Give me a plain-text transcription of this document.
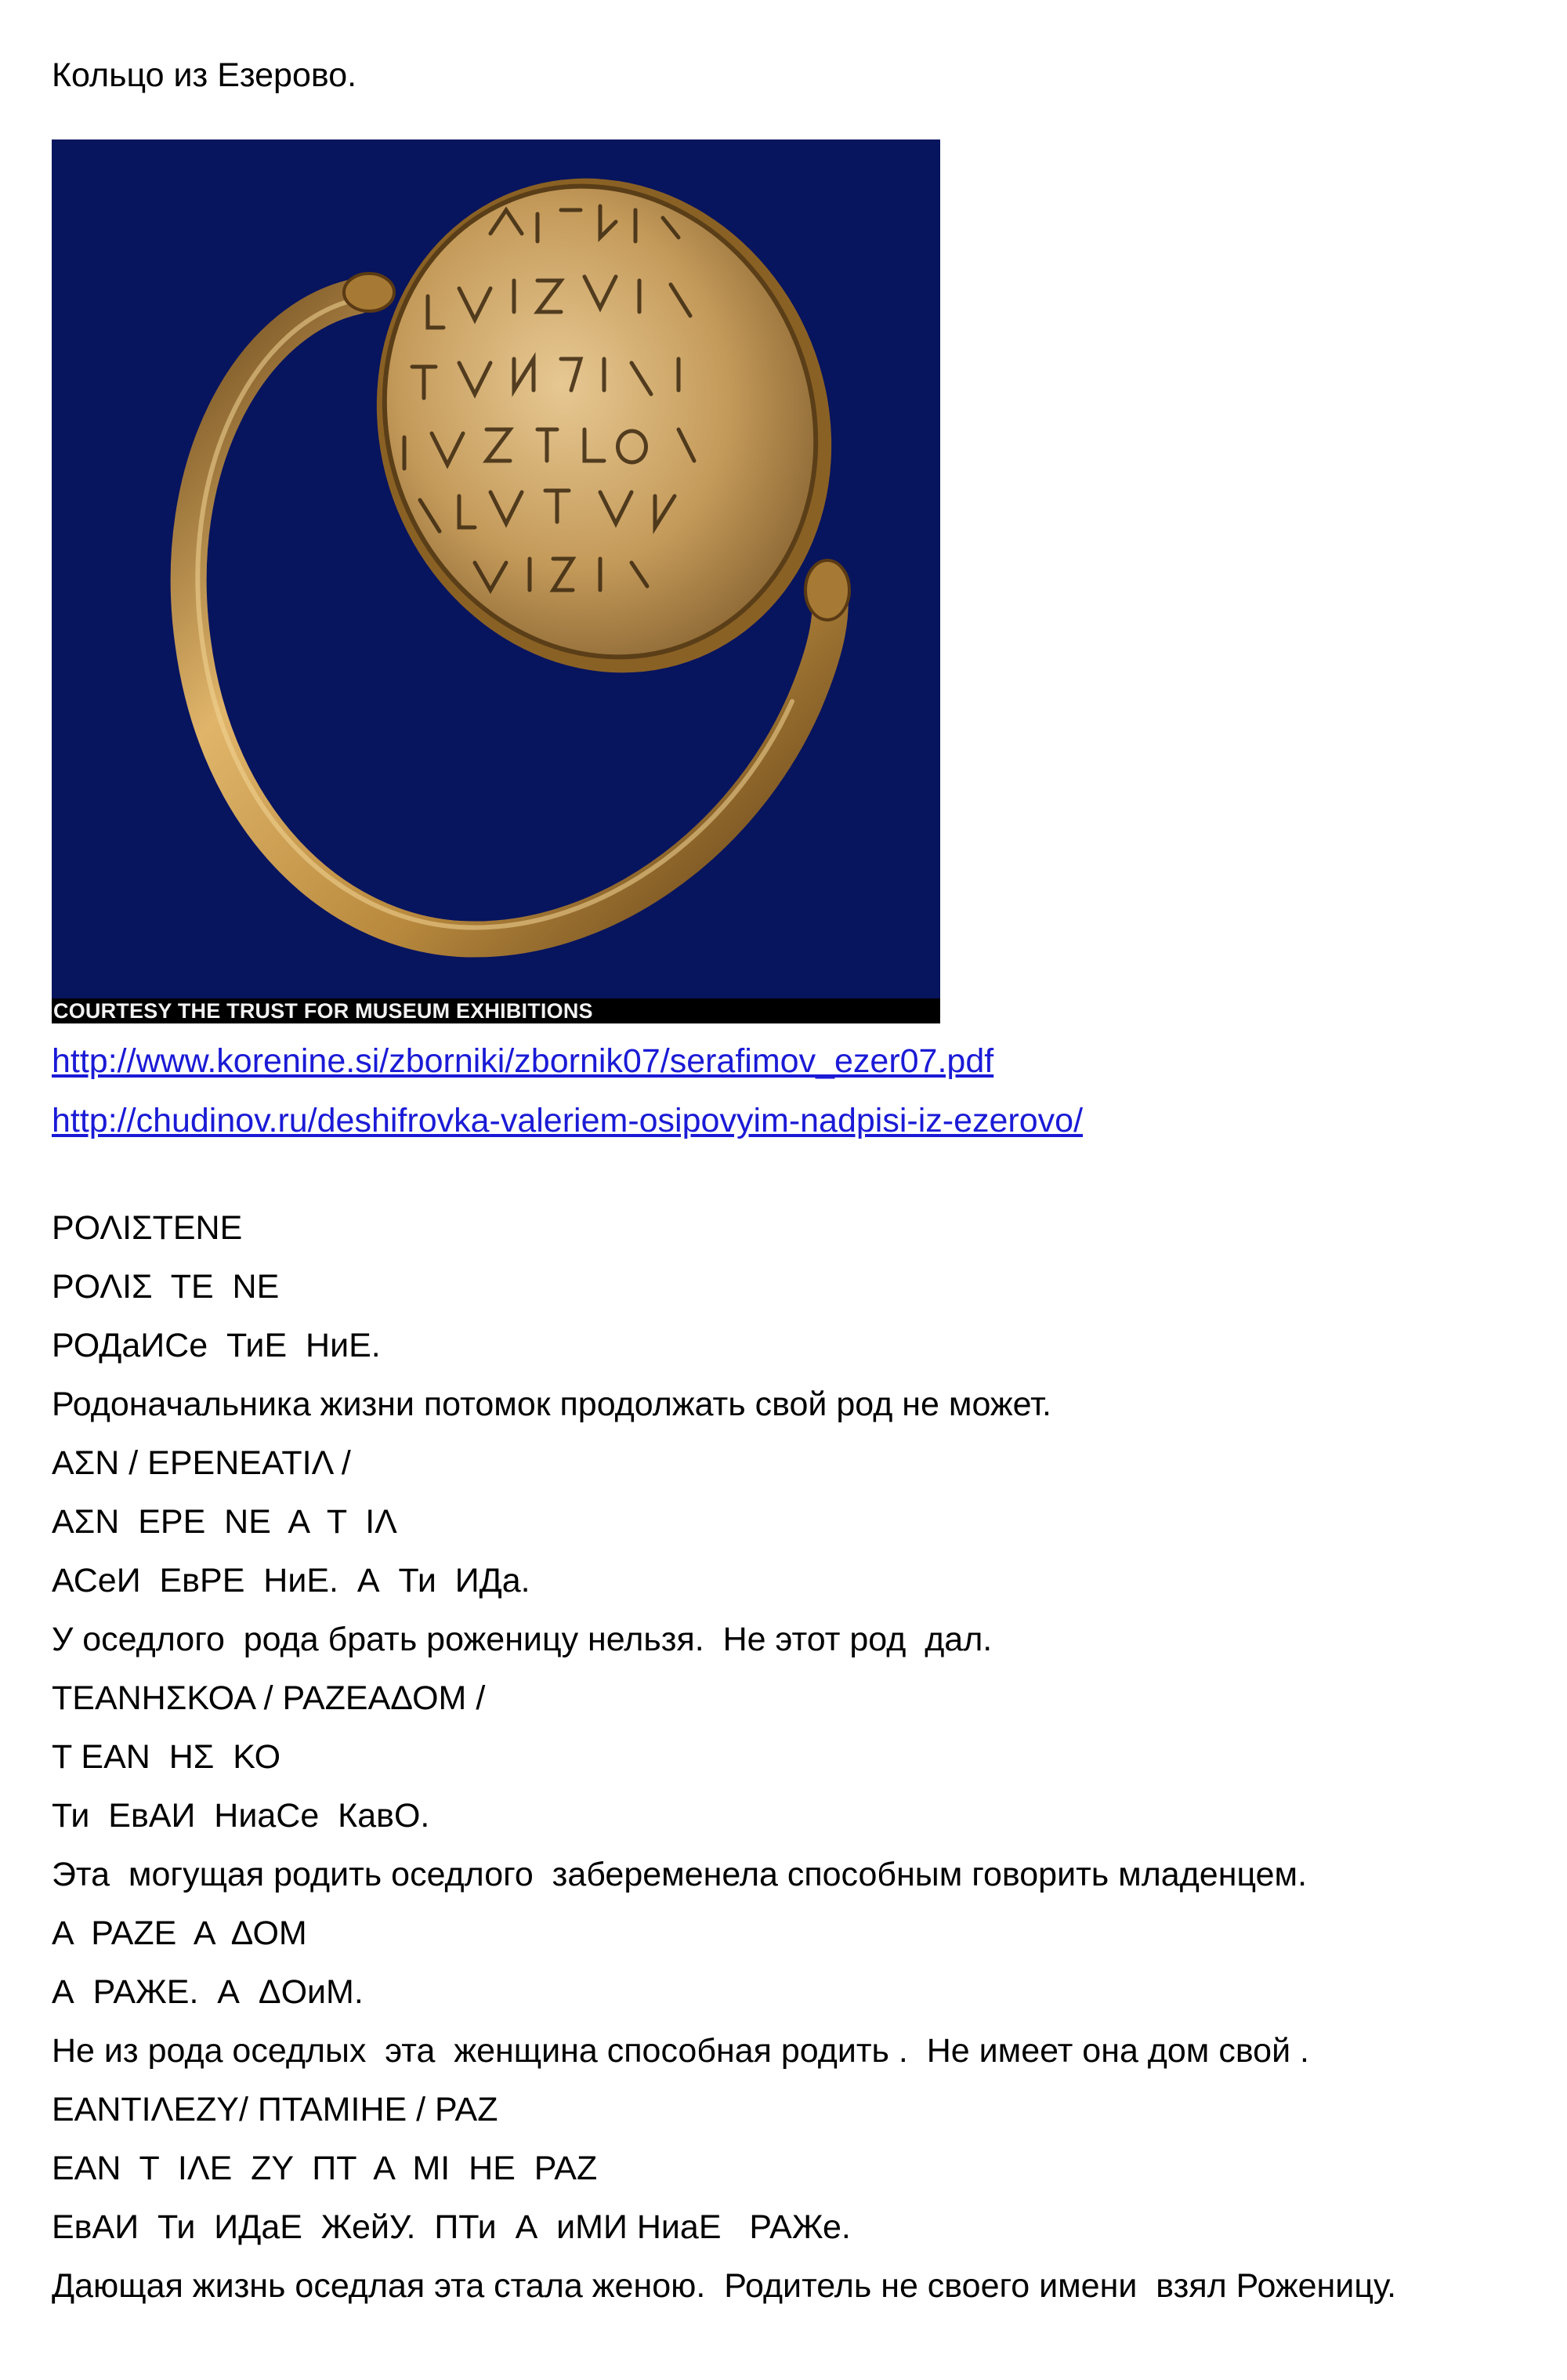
Кольцо из Езерово.
COURTESY THE TRUST FOR MUSEUM EXHIBITIONS
http://www.korenine.si/zborniki/zbornik07/serafimov_ezer07.pdf
http://chudinov.ru/deshifrovka-valeriem-osipovyim-nadpisi-iz-ezerovo/
ΡΟΛΙΣΤΕΝΕ
ΡΟΛΙΣ  ΤΕ  ΝΕ
РОДаИСе  ТиЕ  НиЕ.
Родоначальника жизни потомок продолжать свой род не может.
ΑΣΝ / ΕΡΕΝΕΑΤΙΛ /
ΑΣΝ  ΕΡΕ  ΝΕ  Α  Τ  ΙΛ
АСеИ  ЕвРЕ  НиЕ.  А  Ти  ИДа.
У оседлого  рода брать роженицу нельзя.  Не этот род  дал.
ΤΕΑΝΗΣΚΟΑ / ΡΑΖΕΑΔΟΜ /
Τ ΕΑΝ  ΗΣ  ΚΟ
Ти  ЕвАИ  НиаСе  КавО.
Эта  могущая родить оседлого  забеременела способным говорить младенцем.
Α  ΡΑΖΕ  Α  ΔΟΜ
А  РАЖЕ.  А  ΔОиМ.
Не из рода оседлых  эта  женщина способная родить .  Не имеет она дом свой .
ΕΑΝΤΙΛΕΖΥ/ ΠΤΑΜΙΗΕ / ΡΑΖ
ΕΑΝ  Τ  ΙΛΕ  ΖΥ  ΠΤ  Α  ΜΙ  ΗΕ  ΡΑΖ
ЕвАИ  Ти  ИДаЕ  ЖейУ.  ПТи  А  иМИ НиаЕ   РАЖе.
Дающая жизнь оседлая эта стала женою.  Родитель не своего имени  взял Роженицу.
